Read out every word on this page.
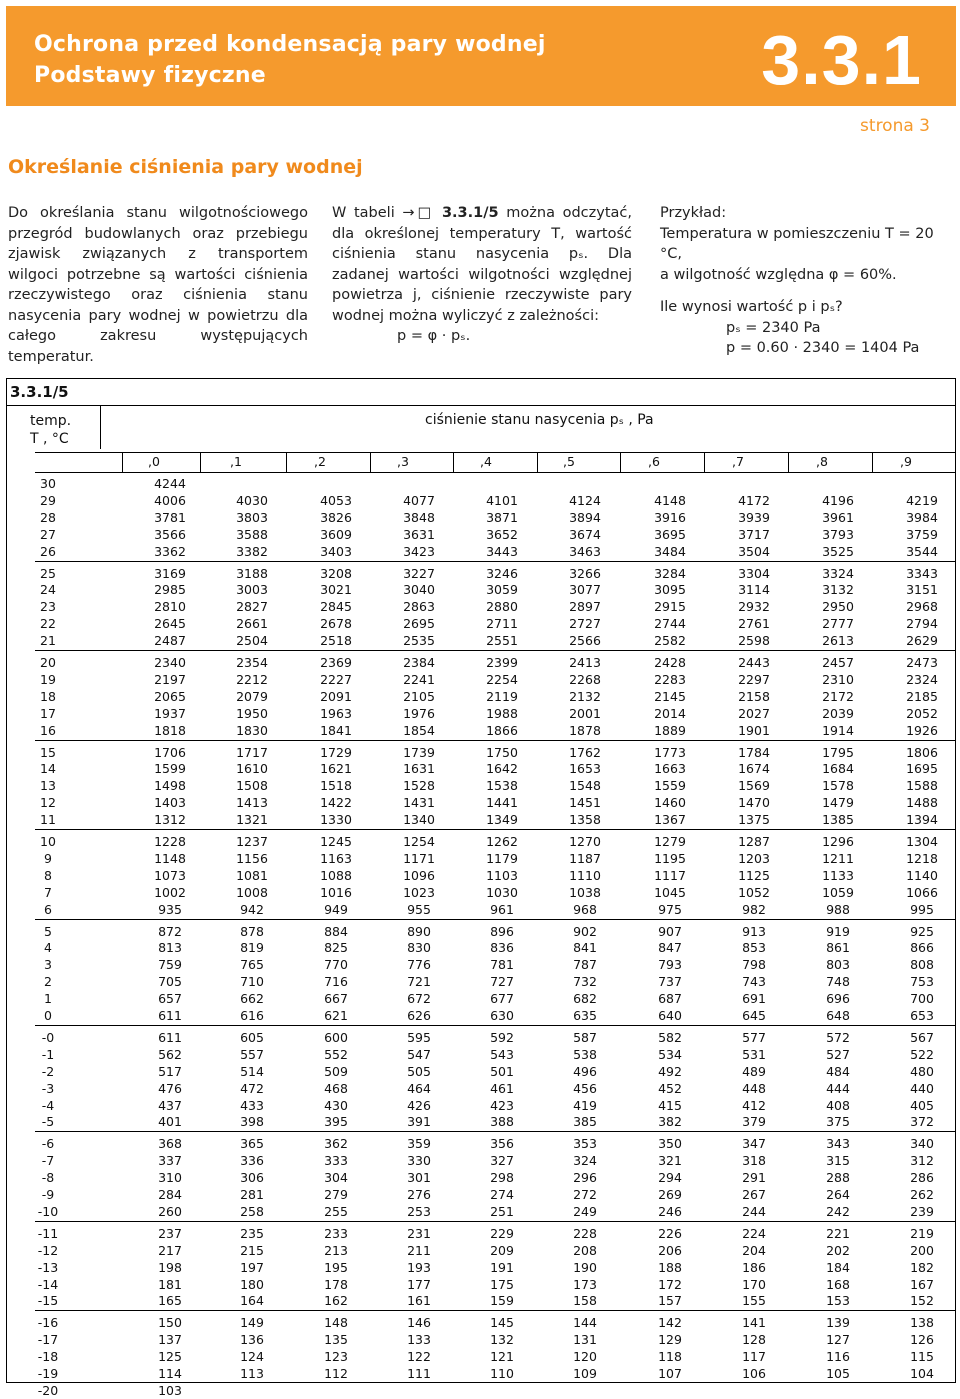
Ochrona przed kondensacją pary wodnej
Podstawy fizyczne	3.3.1
strona 3
Określanie ciśnienia pary wodnej

Do określania stanu wilgotnościowego przegród budowlanych oraz przebiegu zjawisk związanych z transportem wilgoci potrzebne są wartości ciśnienia rzeczywistego oraz ciśnienia stanu nasycenia pary wodnej w powietrzu dla całego zakresu występujących temperatur.

W tabeli →□ 3.3.1/5 można odczytać, dla określonej temperatury T, wartość ciśnienia stanu nasycenia pₛ. Dla zadanej wartości wilgotności względnej powietrza j, ciśnienie rzeczywiste pary wodnej można wyliczyć z zależności:

p = φ · pₛ.

Przykład:

Temperatura w pomieszczeniu T = 20 °C,

a wilgotność względna φ = 60%.

Ile wynosi wartość p i pₛ?

pₛ = 2340 Pa

p = 0.60 · 2340 = 1404 Pa

3.3.1/5
temp.
T , °C
ciśnienie stanu nasycenia pₛ , Pa
,0	,1	,2	,3	,4	,5	,6	,7	,8	,9
30	4244
29	4006	4030	4053	4077	4101	4124	4148	4172	4196	4219
28	3781	3803	3826	3848	3871	3894	3916	3939	3961	3984
27	3566	3588	3609	3631	3652	3674	3695	3717	3793	3759
26	3362	3382	3403	3423	3443	3463	3484	3504	3525	3544
25	3169	3188	3208	3227	3246	3266	3284	3304	3324	3343
24	2985	3003	3021	3040	3059	3077	3095	3114	3132	3151
23	2810	2827	2845	2863	2880	2897	2915	2932	2950	2968
22	2645	2661	2678	2695	2711	2727	2744	2761	2777	2794
21	2487	2504	2518	2535	2551	2566	2582	2598	2613	2629
20	2340	2354	2369	2384	2399	2413	2428	2443	2457	2473
19	2197	2212	2227	2241	2254	2268	2283	2297	2310	2324
18	2065	2079	2091	2105	2119	2132	2145	2158	2172	2185
17	1937	1950	1963	1976	1988	2001	2014	2027	2039	2052
16	1818	1830	1841	1854	1866	1878	1889	1901	1914	1926
15	1706	1717	1729	1739	1750	1762	1773	1784	1795	1806
14	1599	1610	1621	1631	1642	1653	1663	1674	1684	1695
13	1498	1508	1518	1528	1538	1548	1559	1569	1578	1588
12	1403	1413	1422	1431	1441	1451	1460	1470	1479	1488
11	1312	1321	1330	1340	1349	1358	1367	1375	1385	1394
10	1228	1237	1245	1254	1262	1270	1279	1287	1296	1304
9	1148	1156	1163	1171	1179	1187	1195	1203	1211	1218
8	1073	1081	1088	1096	1103	1110	1117	1125	1133	1140
7	1002	1008	1016	1023	1030	1038	1045	1052	1059	1066
6	935	942	949	955	961	968	975	982	988	995
5	872	878	884	890	896	902	907	913	919	925
4	813	819	825	830	836	841	847	853	861	866
3	759	765	770	776	781	787	793	798	803	808
2	705	710	716	721	727	732	737	743	748	753
1	657	662	667	672	677	682	687	691	696	700
0	611	616	621	626	630	635	640	645	648	653
-0	611	605	600	595	592	587	582	577	572	567
-1	562	557	552	547	543	538	534	531	527	522
-2	517	514	509	505	501	496	492	489	484	480
-3	476	472	468	464	461	456	452	448	444	440
-4	437	433	430	426	423	419	415	412	408	405
-5	401	398	395	391	388	385	382	379	375	372
-6	368	365	362	359	356	353	350	347	343	340
-7	337	336	333	330	327	324	321	318	315	312
-8	310	306	304	301	298	296	294	291	288	286
-9	284	281	279	276	274	272	269	267	264	262
-10	260	258	255	253	251	249	246	244	242	239
-11	237	235	233	231	229	228	226	224	221	219
-12	217	215	213	211	209	208	206	204	202	200
-13	198	197	195	193	191	190	188	186	184	182
-14	181	180	178	177	175	173	172	170	168	167
-15	165	164	162	161	159	158	157	155	153	152
-16	150	149	148	146	145	144	142	141	139	138
-17	137	136	135	133	132	131	129	128	127	126
-18	125	124	123	122	121	120	118	117	116	115
-19	114	113	112	111	110	109	107	106	105	104
-20	103
